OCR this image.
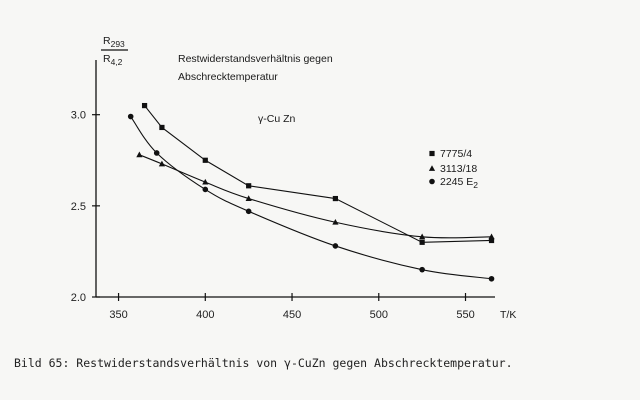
$R_{293}$
$R_{4,2}$	Restwiderstandsverhältnis gegen
Abschrecktemperatur
γ-Cu Zn
T/K
350	400	450	500	550
2.0
2.5
3.0
7775/4
3113/18
2245 $E_2$
Bild 65: Restwiderstandsverhältnis von γ-CuZn gegen Abschrecktemperatur.
